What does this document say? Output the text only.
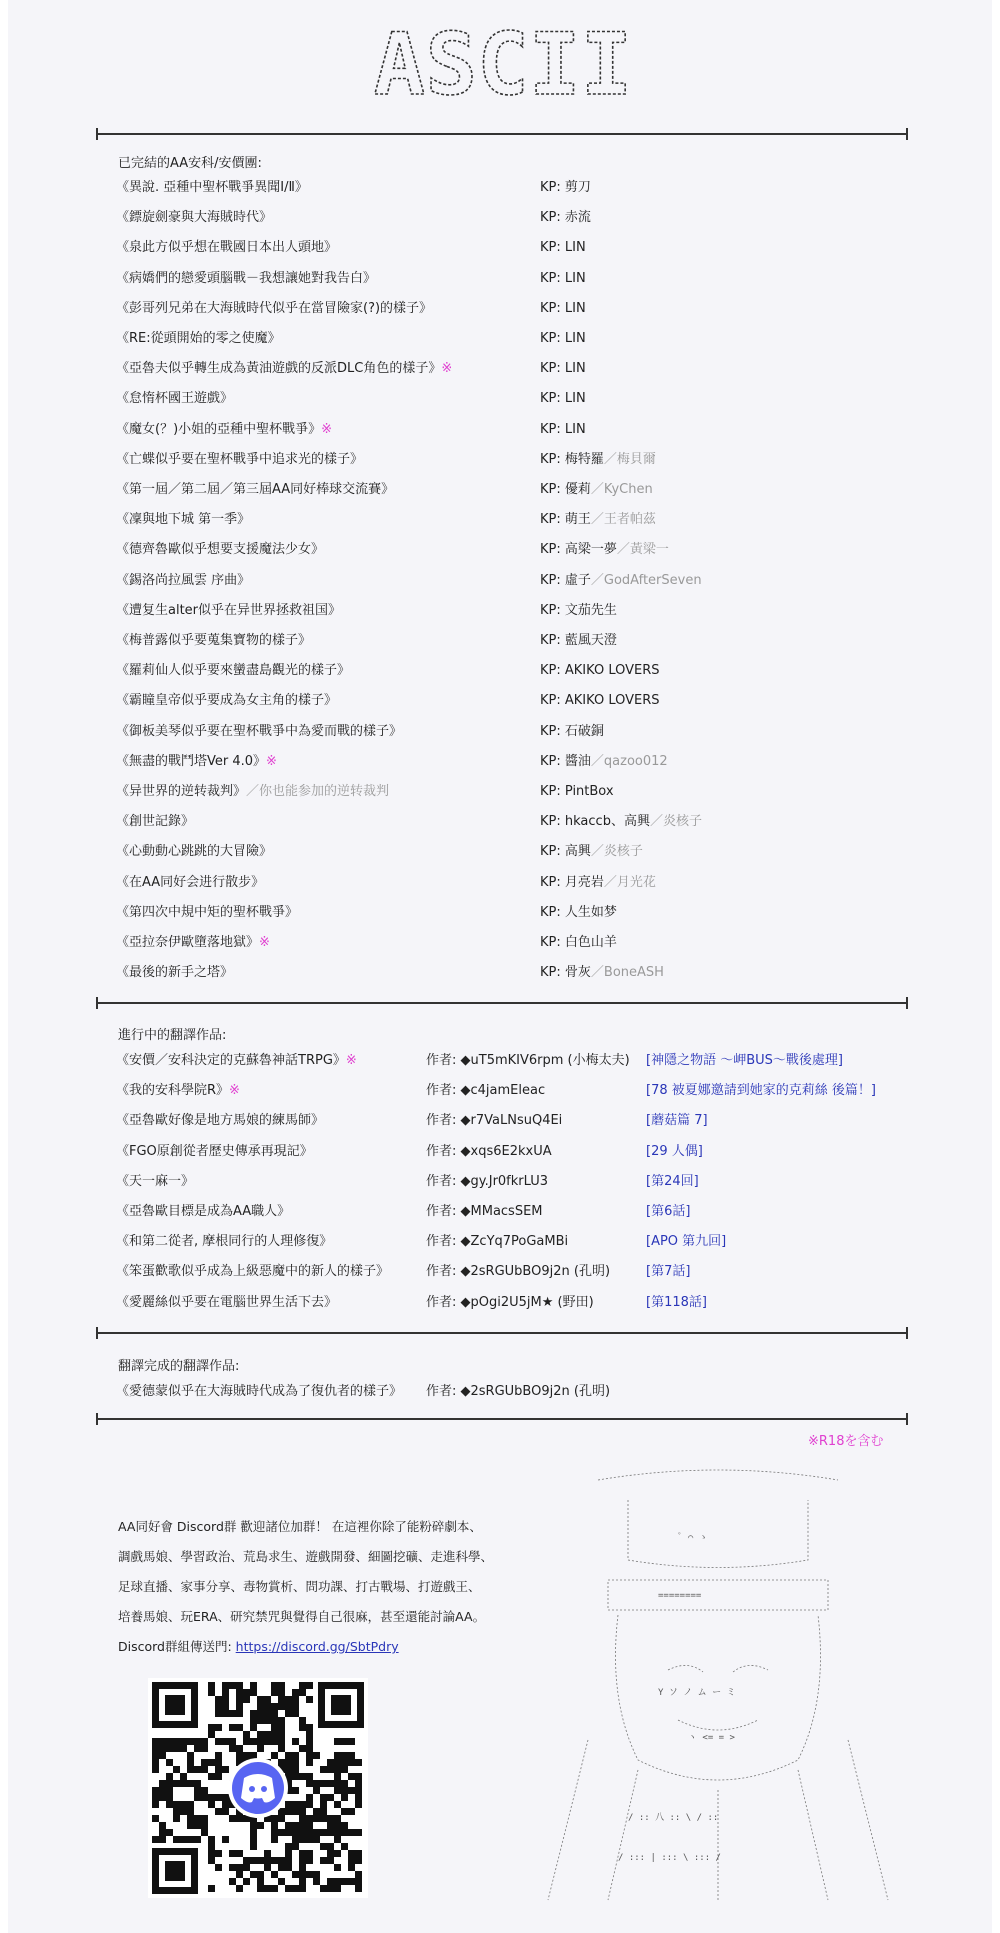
ASCII
已完結的AA安科/安價團:
《異說. 亞種中聖杯戰爭異聞Ⅰ/Ⅱ》	KP: 剪刀
《鏢旋劍豪與大海賊時代》	KP: 赤流
《泉此方似乎想在戰國日本出人頭地》	KP: LIN
《病嬌們的戀愛頭腦戰－我想讓她對我告白》	KP: LIN
《彭哥列兄弟在大海賊時代似乎在當冒險家(?)的樣子》	KP: LIN
《RE:從頭開始的零之使魔》	KP: LIN
《亞魯夫似乎轉生成為黃油遊戲的反派DLC角色的樣子》※	KP: LIN
《怠惰杯國王遊戲》	KP: LIN
《魔女(？)小姐的亞種中聖杯戰爭》※	KP: LIN
《亡蝶似乎要在聖杯戰爭中追求光的樣子》	KP: 梅特羅／梅貝爾
《第一屆／第二屆／第三屆AA同好棒球交流賽》	KP: 優莉／KyChen
《凜與地下城 第一季》	KP: 萌王／王者帕茲
《德齊魯歐似乎想要支援魔法少女》	KP: 高梁一夢／黃梁一
《錫洛尚拉風雲 序曲》	KP: 虛子／GodAfterSeven
《遭复生alter似乎在异世界拯救祖国》	KP: 文茄先生
《梅普露似乎要蒐集寶物的樣子》	KP: 藍風天澄
《羅莉仙人似乎要來蠻盡島觀光的樣子》	KP: AKIKO LOVERS
《霸瞳皇帝似乎要成為女主角的樣子》	KP: AKIKO LOVERS
《御板美琴似乎要在聖杯戰爭中為愛而戰的樣子》	KP: 石破銅
《無盡的戰鬥塔Ver 4.0》※	KP: 醬油／qazoo012
《异世界的逆转裁判》／你也能参加的逆转裁判	KP: PintBox
《創世記錄》	KP: hkaccb、高興／炎核子
《心動動心跳跳的大冒險》	KP: 高興／炎核子
《在AA同好会进行散步》	KP: 月亮岩／月光花
《第四次中規中矩的聖杯戰爭》	KP: 人生如梦
《亞拉奈伊歐墮落地獄》※	KP: 白色山羊
《最後的新手之塔》	KP: 骨灰／BoneASH
進行中的翻譯作品:
《安價／安科決定的克蘇魯神話TRPG》※	作者: ◆uT5mKIV6rpm (小梅太夫) [神隱之物語 ～岬BUS～戰後處理]
《我的安科學院R》※	作者: ◆c4jamEleac	[78 被夏娜邀請到她家的克莉絲 後篇！]
《亞魯歐好像是地方馬娘的練馬師》	作者: ◆r7VaLNsuQ4Ei	[蘑菇篇 7]
《FGO原創從者歷史傳承再現記》	作者: ◆xqs6E2kxUA	[29 人偶]
《天一麻一》	作者: ◆gy.Jr0fkrLU3	[第24回]
《亞魯歐目標是成為AA職人》	作者: ◆MMacsSEM	[第6話]
《和第二從者, 摩根同行的人理修復》	作者: ◆ZcYq7PoGaMBi	[APO 第九回]
《笨蛋歡歌似乎成為上級惡魔中的新人的樣子》	作者: ◆2sRGUbBO9j2n (孔明)	[第7話]
《愛麗絲似乎要在電腦世界生活下去》	作者: ◆pOgi2U5jM★ (野田)	[第118話]
翻譯完成的翻譯作品:
《愛德蒙似乎在大海賊時代成為了復仇者的樣子》 作者: ◆2sRGUbBO9j2n (孔明)
※R18を含む
AA同好會 Discord群 歡迎諸位加群！ 在這裡你除了能粉碎劇本、
調戲馬娘、學習政治、荒島求生、遊戲開發、細圖挖礦、走進科學、
足球直播、家事分享、毒物賞析、問功課、打古戰場、打遊戲王、
培養馬娘、玩ERA、研究禁咒與覺得自己很麻，甚至還能討論AA。
Discord群組傳送門: https://discord.gg/SbtPdry
ﾟ ⌒ ゝ
========
Y ソ ノ ム ー ミ
ヽ <= = >
/ :: 八 :: \ / ::
/ ::: | ::: \ ::: /
